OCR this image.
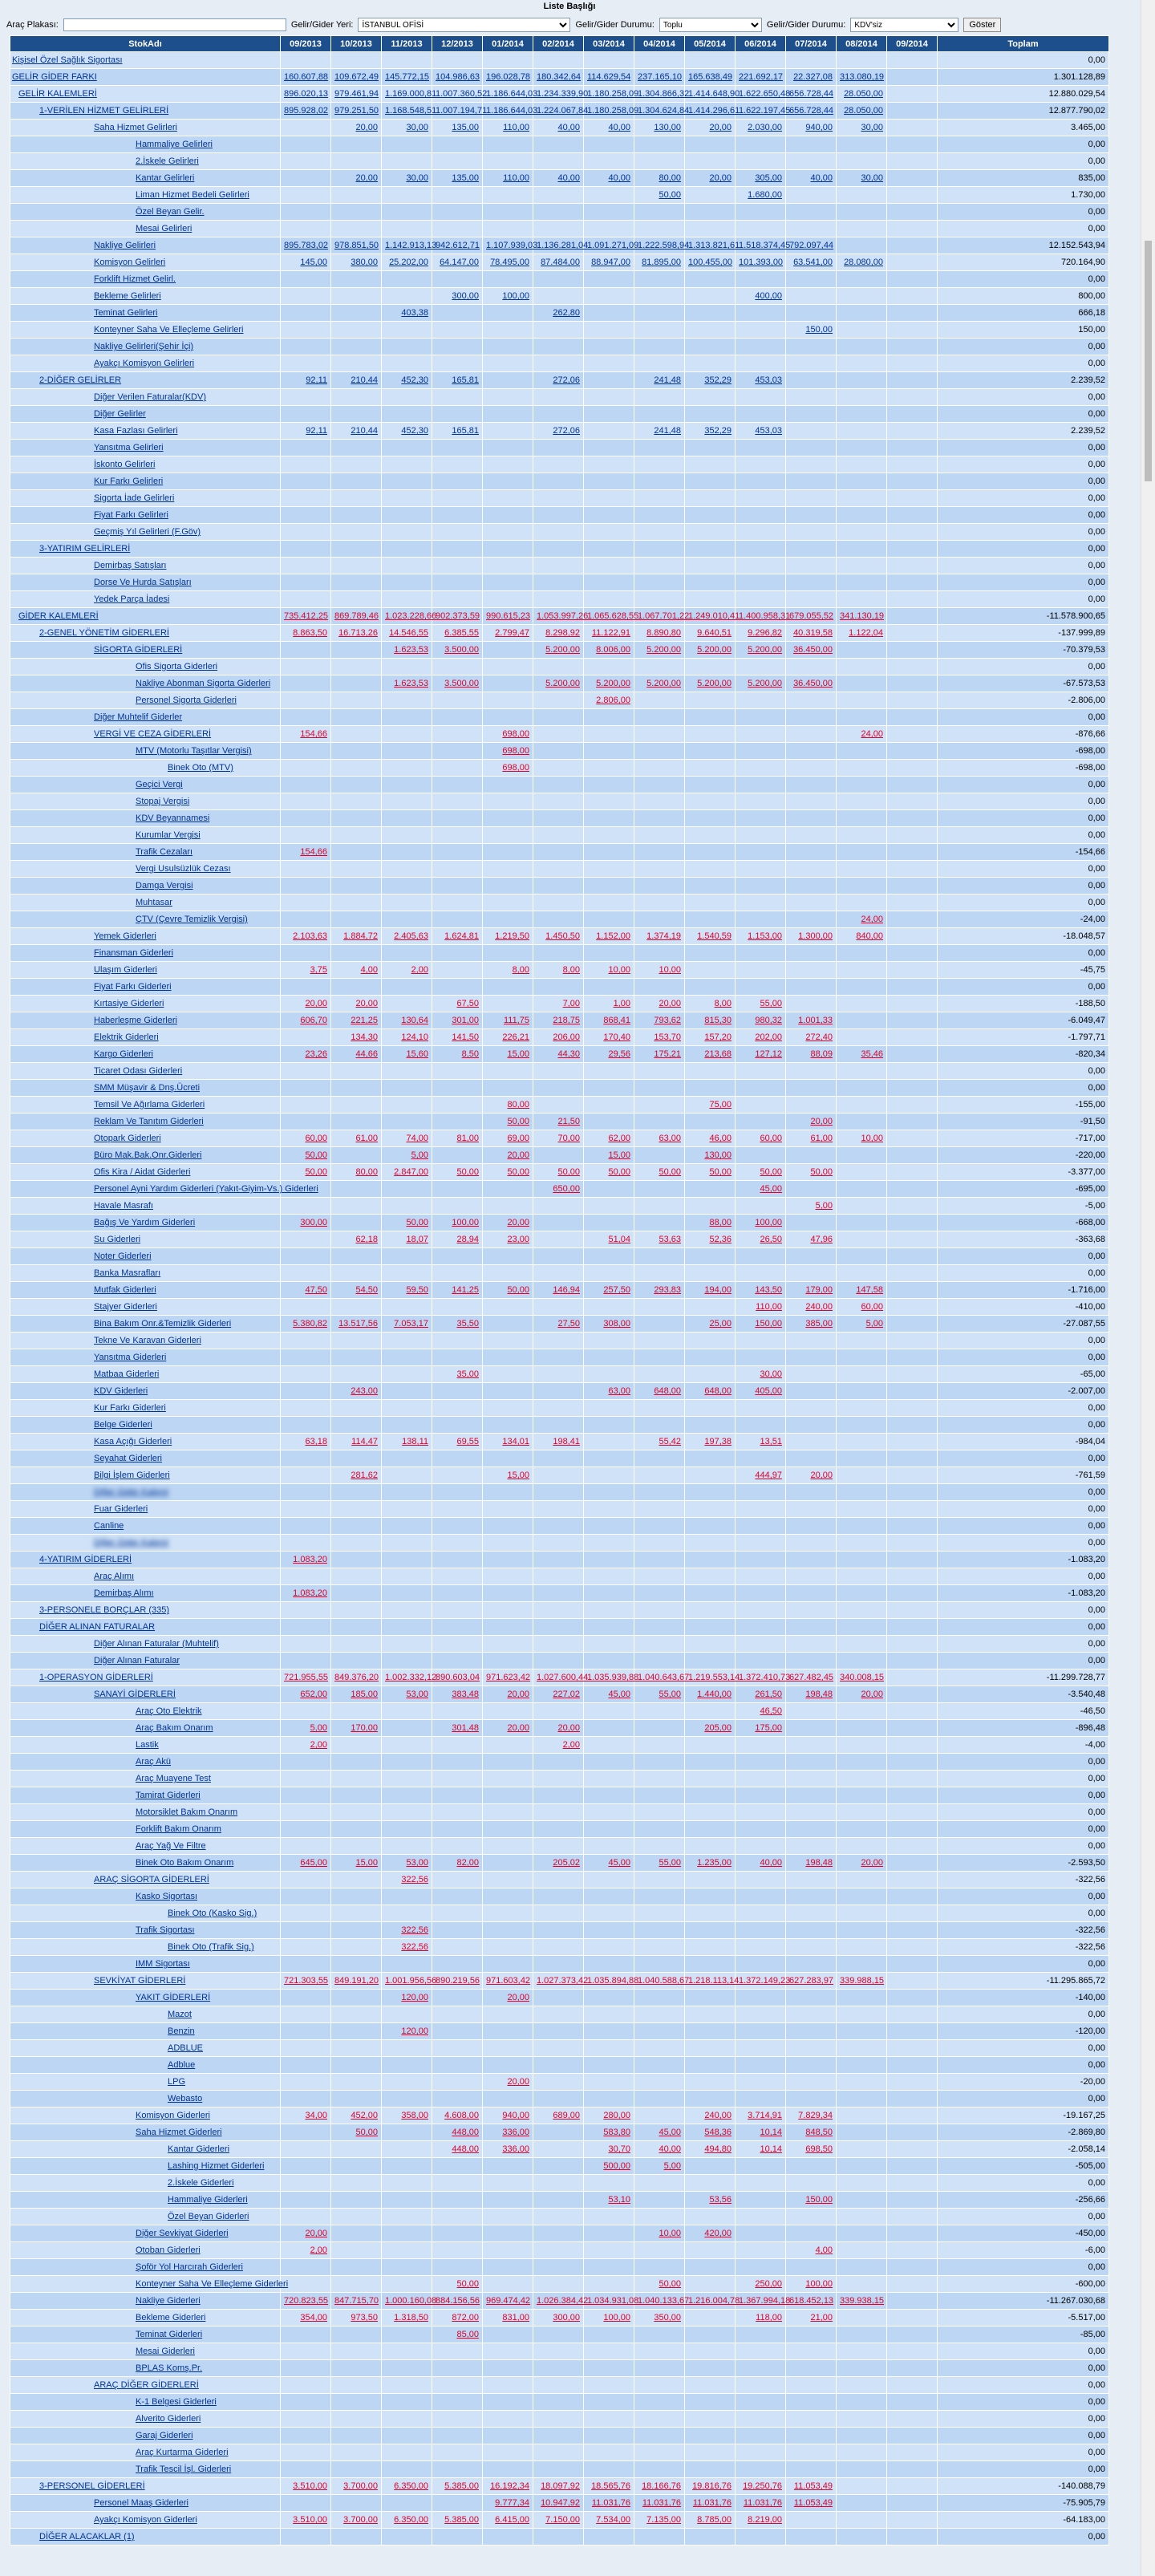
Liste Başlığı
Araç Plakası:	Gelir/Gider Yeri:
İSTANBUL OFİSİ	Gelir/Gider Durumu:
Toplu	Gelir/Gider Durumu:
KDV'siz	Göster
StokAdı	09/2013	10/2013	11/2013	12/2013	01/2014	02/2014	03/2014	04/2014	05/2014	06/2014	07/2014	08/2014	09/2014	Toplam
Kişisel Özel Sağlık Sigortası														0,00
GELİR GİDER FARKI	160.607,88	109.672,49	145.772,15	104.986,63	196.028,78	180.342,64	114.629,54	237.165,10	165.638,49	221.692,17	22.327,08	313.080,19		1.301.128,89
GELİR KALEMLERİ	896.020,13	979.461,94	1.169.000,81	1.007.360,52	1.186.644,03	1.234.339,90	1.180.258,09	1.304.866,32	1.414.648,90	1.622.650,48	656.728,44	28.050,00		12.880.029,54
1-VERİLEN HİZMET GELİRLERİ	895.928,02	979.251,50	1.168.548,51	1.007.194,71	1.186.644,03	1.224.067,84	1.180.258,09	1.304.624,84	1.414.296,61	1.622.197,45	656.728,44	28.050,00		12.877.790,02
Saha Hizmet Gelirleri		20,00	30,00	135,00	110,00	40,00	40,00	130,00	20,00	2.030,00	940,00	30,00		3.465,00
Hammaliye Gelirleri														0,00
2.İskele Gelirleri														0,00
Kantar Gelirleri		20,00	30,00	135,00	110,00	40,00	40,00	80,00	20,00	305,00	40,00	30,00		835,00
Liman Hizmet Bedeli Gelirleri								50,00		1.680,00				1.730,00
Özel Beyan Gelir.														0,00
Mesai Gelirleri														0,00
Nakliye Gelirleri	895.783,02	978.851,50	1.142.913,13	942.612,71	1.107.939,03	1.136.281,04	1.091.271,09	1.222.598,94	1.313.821,61	1.518.374,45	792.097,44			12.152.543,94
Komisyon Gelirleri	145,00	380,00	25.202,00	64.147,00	78.495,00	87.484,00	88.947,00	81.895,00	100.455,00	101.393,00	63.541,00	28.080,00		720.164,90
Forklift Hizmet Gelirl.														0,00
Bekleme Gelirleri				300,00	100,00					400,00				800,00
Teminat Gelirleri			403,38			262,80								666,18
Konteyner Saha Ve Elleçleme Gelirleri											150,00			150,00
Nakliye Gelirleri(Şehir İçi)														0,00
Ayakçı Komisyon Gelirleri														0,00
2-DİĞER GELİRLER	92,11	210,44	452,30	165,81		272,06		241,48	352,29	453,03				2.239,52
Diğer Verilen Faturalar(KDV)														0,00
Diğer Gelirler														0,00
Kasa Fazlası Gelirleri	92,11	210,44	452,30	165,81		272,06		241,48	352,29	453,03				2.239,52
Yansıtma Gelirleri														0,00
İskonto Gelirleri														0,00
Kur Farkı Gelirleri														0,00
Sigorta İade Gelirleri														0,00
Fiyat Farkı Gelirleri														0,00
Geçmiş Yıl Gelirleri (F.Göv)														0,00
3-YATIRIM GELİRLERİ														0,00
Demirbaş Satışları														0,00
Dorse Ve Hurda Satışları														0,00
Yedek Parça İadesi														0,00
GİDER KALEMLERİ	735.412,25	869.789,46	1.023.228,66	902.373,59	990.615,23	1.053.997,26	1.065.628,55	1.067.701,22	1.249.010,41	1.400.958,31	679.055,52	341.130,19		-11.578.900,65
2-GENEL YÖNETİM GİDERLERİ	8.863,50	16.713,26	14.546,55	6.385,55	2.799,47	8.298,92	11.122,91	8.890,80	9.640,51	9.296,82	40.319,58	1.122,04		-137.999,89
SİGORTA GİDERLERİ			1.623,53	3.500,00		5.200,00	8.006,00	5.200,00	5.200,00	5.200,00	36.450,00			-70.379,53
Ofis Sigorta Giderleri														0,00
Nakliye Abonman Sigorta Giderleri			1.623,53	3.500,00		5.200,00	5.200,00	5.200,00	5.200,00	5.200,00	36.450,00			-67.573,53
Personel Sigorta Giderleri							2.806,00							-2.806,00
Diğer Muhtelif Giderler														0,00
VERGİ VE CEZA GİDERLERİ	154,66				698,00							24,00		-876,66
MTV (Motorlu Taşıtlar Vergisi)					698,00									-698,00
Binek Oto (MTV)					698,00									-698,00
Geçici Vergi														0,00
Stopaj Vergisi														0,00
KDV Beyannamesi														0,00
Kurumlar Vergisi														0,00
Trafik Cezaları	154,66													-154,66
Vergi Usulsüzlük Cezası														0,00
Damga Vergisi														0,00
Muhtasar														0,00
ÇTV (Çevre Temizlik Vergisi)												24,00		-24,00
Yemek Giderleri	2.103,63	1.884,72	2.405,63	1.624,81	1.219,50	1.450,50	1.152,00	1.374,19	1.540,59	1.153,00	1.300,00	840,00		-18.048,57
Finansman Giderleri														0,00
Ulaşım Giderleri	3,75	4,00	2,00		8,00	8,00	10,00	10,00						-45,75
Fiyat Farkı Giderleri														0,00
Kırtasiye Giderleri	20,00	20,00		67,50		7,00	1,00	20,00	8,00	55,00				-188,50
Haberleşme Giderleri	606,70	221,25	130,64	301,00	111,75	218,75	868,41	793,62	815,30	980,32	1.001,33			-6.049,47
Elektrik Giderleri		134,30	124,10	141,50	226,21	206,00	170,40	153,70	157,20	202,00	272,40			-1.797,71
Kargo Giderleri	23,26	44,66	15,60	8,50	15,00	44,30	29,56	175,21	213,68	127,12	88,09	35,46		-820,34
Ticaret Odası Giderleri														0,00
SMM Müşavir & Dnş.Ücreti														0,00
Temsil Ve Ağırlama Giderleri					80,00				75,00					-155,00
Reklam Ve Tanıtım Giderleri					50,00	21,50					20,00			-91,50
Otopark Giderleri	60,00	61,00	74,00	81,00	69,00	70,00	62,00	63,00	46,00	60,00	61,00	10,00		-717,00
Büro Mak.Bak.Onr.Giderleri	50,00		5,00		20,00		15,00		130,00					-220,00
Ofis Kira / Aidat Giderleri	50,00	80,00	2.847,00	50,00	50,00	50,00	50,00	50,00	50,00	50,00	50,00			-3.377,00
Personel Ayni Yardım Giderleri (Yakıt-Giyim-Vs.) Giderleri						650,00				45,00				-695,00
Havale Masrafı											5,00			-5,00
Bağış Ve Yardım Giderleri	300,00		50,00	100,00	20,00				88,00	100,00				-668,00
Su Giderleri		62,18	18,07	28,94	23,00		51,04	53,63	52,36	26,50	47,96			-363,68
Noter Giderleri														0,00
Banka Masrafları														0,00
Mutfak Giderleri	47,50	54,50	59,50	141,25	50,00	146,94	257,50	293,83	194,00	143,50	179,00	147,58		-1.716,00
Stajyer Giderleri										110,00	240,00	60,00		-410,00
Bina Bakım Onr.&Temizlik Giderleri	5.380,82	13.517,56	7.053,17	35,50		27,50	308,00		25,00	150,00	385,00	5,00		-27.087,55
Tekne Ve Karavan Giderleri														0,00
Yansıtma Giderleri														0,00
Matbaa Giderleri				35,00						30,00				-65,00
KDV Giderleri		243,00					63,00	648,00	648,00	405,00				-2.007,00
Kur Farkı Giderleri														0,00
Belge Giderleri														0,00
Kasa Açığı Giderleri	63,18	114,47	138,11	69,55	134,01	198,41		55,42	197,38	13,51				-984,04
Seyahat Giderleri														0,00
Bilgi İşlem Giderleri		281,62			15,00					444,97	20,00			-761,59
Diğer Gider Kalemi														0,00
Fuar Giderleri														0,00
Canline														0,00
Diğer Gider Kalemi														0,00
4-YATIRIM GİDERLERİ	1.083,20													-1.083,20
Araç Alımı														0,00
Demirbaş Alımı	1.083,20													-1.083,20
3-PERSONELE BORÇLAR (335)														0,00
DİĞER ALINAN FATURALAR														0,00
Diğer Alınan Faturalar (Muhtelif)														0,00
Diğer Alınan Faturalar														0,00
1-OPERASYON GİDERLERİ	721.955,55	849.376,20	1.002.332,12	890.603,04	971.623,42	1.027.600,44	1.035.939,88	1.040.643,67	1.219.553,14	1.372.410,73	627.482,45	340.008,15		-11.299.728,77
SANAYİ GİDERLERİ	652,00	185,00	53,00	383,48	20,00	227,02	45,00	55,00	1.440,00	261,50	198,48	20,00		-3.540,48
Araç Oto Elektrik										46,50				-46,50
Araç Bakım Onarım	5,00	170,00		301,48	20,00	20,00			205,00	175,00				-896,48
Lastik	2,00					2,00								-4,00
Araç Akü														0,00
Araç Muayene Test														0,00
Tamirat Giderleri														0,00
Motorsiklet Bakım Onarım														0,00
Forklift Bakım Onarım														0,00
Araç Yağ Ve Filtre														0,00
Binek Oto Bakım Onarım	645,00	15,00	53,00	82,00		205,02	45,00	55,00	1.235,00	40,00	198,48	20,00		-2.593,50
ARAÇ SİGORTA GİDERLERİ			322,56											-322,56
Kasko Sigortası														0,00
Binek Oto (Kasko Sig.)														0,00
Trafik Sigortası			322,56											-322,56
Binek Oto (Trafik Sig.)			322,56											-322,56
IMM Sigortası														0,00
SEVKİYAT GİDERLERİ	721.303,55	849.191,20	1.001.956,56	890.219,56	971.603,42	1.027.373,42	1.035.894,88	1.040.588,67	1.218.113,14	1.372.149,23	627.283,97	339.988,15		-11.295.865,72
YAKIT GİDERLERİ			120,00		20,00									-140,00
Mazot														0,00
Benzin			120,00											-120,00
ADBLUE														0,00
Adblue														0,00
LPG					20,00									-20,00
Webasto														0,00
Komisyon Giderleri	34,00	452,00	358,00	4.608,00	940,00	689,00	280,00		240,00	3.714,91	7.829,34			-19.167,25
Saha Hizmet Giderleri		50,00		448,00	336,00		583,80	45,00	548,36	10,14	848,50			-2.869,80
Kantar Giderleri				448,00	336,00		30,70	40,00	494,80	10,14	698,50			-2.058,14
Lashing Hizmet Giderleri							500,00	5,00						-505,00
2.İskele Giderleri														0,00
Hammaliye Giderleri							53,10		53,56		150,00			-256,66
Özel Beyan Giderleri														0,00
Diğer Sevkiyat Giderleri	20,00							10,00	420,00					-450,00
Otoban Giderleri	2,00										4,00			-6,00
Şoför Yol Harcırah Giderleri														0,00
Konteyner Saha Ve Elleçleme Giderleri				50,00				50,00		250,00	100,00			-600,00
Nakliye Giderleri	720.823,55	847.715,70	1.000.160,08	884.156,56	969.474,42	1.026.384,42	1.034.931,08	1.040.133,67	1.216.004,78	1.367.994,18	618.452,13	339.938,15		-11.267.030,68
Bekleme Giderleri	354,00	973,50	1.318,50	872,00	831,00	300,00	100,00	350,00		118,00	21,00			-5.517,00
Teminat Giderleri				85,00										-85,00
Mesai Giderleri														0,00
BPLAS Komş.Pr.														0,00
ARAÇ DİĞER GİDERLERİ														0,00
K-1 Belgesi Giderleri														0,00
Alverito Giderleri														0,00
Garaj Giderleri														0,00
Araç Kurtarma Giderleri														0,00
Trafik Tescil İşl. Giderleri														0,00
3-PERSONEL GİDERLERİ	3.510,00	3.700,00	6.350,00	5.385,00	16.192,34	18.097,92	18.565,76	18.166,76	19.816,76	19.250,76	11.053,49			-140.088,79
Personel Maaş Giderleri					9.777,34	10.947,92	11.031,76	11.031,76	11.031,76	11.031,76	11.053,49			-75.905,79
Ayakçı Komisyon Giderleri	3.510,00	3.700,00	6.350,00	5.385,00	6.415,00	7.150,00	7.534,00	7.135,00	8.785,00	8.219,00				-64.183,00
DİĞER ALACAKLAR (1)														0,00
